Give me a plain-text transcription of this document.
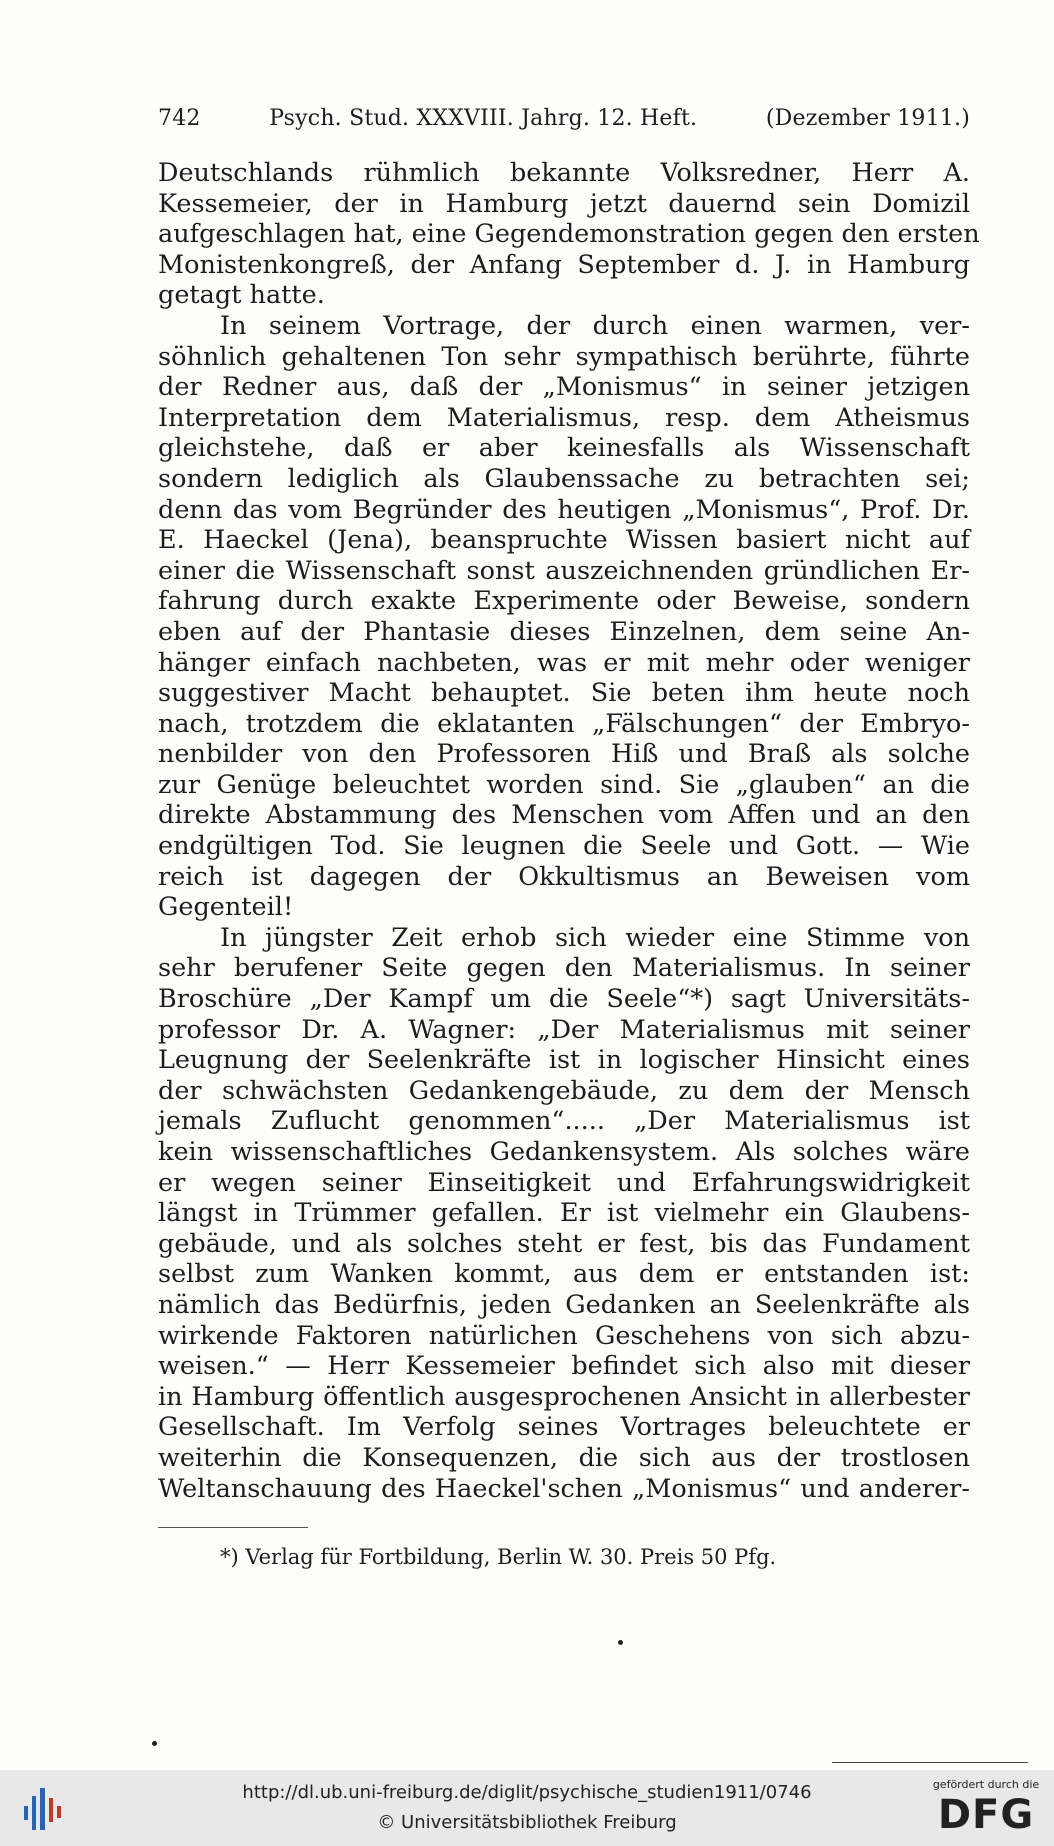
742	Psych. Stud. XXXVIII. Jahrg. 12. Heft.	(Dezember 1911.)
Deutschlands rühmlich bekannte Volksredner, Herr A.
Kessemeier, der in Hamburg jetzt dauernd sein Domizil
aufgeschlagen hat, eine Gegendemonstration gegen den ersten
Monistenkongreß, der Anfang September d. J. in Hamburg
getagt hatte.
In seinem Vortrage, der durch einen warmen, ver-
söhnlich gehaltenen Ton sehr sympathisch berührte, führte
der Redner aus, daß der „Monismus“ in seiner jetzigen
Interpretation dem Materialismus, resp. dem Atheismus
gleichstehe, daß er aber keinesfalls als Wissenschaft
sondern lediglich als Glaubenssache zu betrachten sei;
denn das vom Begründer des heutigen „Monismus“, Prof. Dr.
E. Haeckel (Jena), beanspruchte Wissen basiert nicht auf
einer die Wissenschaft sonst auszeichnenden gründlichen Er-
fahrung durch exakte Experimente oder Beweise, sondern
eben auf der Phantasie dieses Einzelnen, dem seine An-
hänger einfach nachbeten, was er mit mehr oder weniger
suggestiver Macht behauptet. Sie beten ihm heute noch
nach, trotzdem die eklatanten „Fälschungen“ der Embryo-
nenbilder von den Professoren Hiß und Braß als solche
zur Genüge beleuchtet worden sind. Sie „glauben“ an die
direkte Abstammung des Menschen vom Affen und an den
endgültigen Tod. Sie leugnen die Seele und Gott. — Wie
reich ist dagegen der Okkultismus an Beweisen vom
Gegenteil!
In jüngster Zeit erhob sich wieder eine Stimme von
sehr berufener Seite gegen den Materialismus. In seiner
Broschüre „Der Kampf um die Seele“*) sagt Universitäts-
professor Dr. A. Wagner: „Der Materialismus mit seiner
Leugnung der Seelenkräfte ist in logischer Hinsicht eines
der schwächsten Gedankengebäude, zu dem der Mensch
jemals Zuflucht genommen“..... „Der Materialismus ist
kein wissenschaftliches Gedankensystem. Als solches wäre
er wegen seiner Einseitigkeit und Erfahrungswidrigkeit
längst in Trümmer gefallen. Er ist vielmehr ein Glaubens-
gebäude, und als solches steht er fest, bis das Fundament
selbst zum Wanken kommt, aus dem er entstanden ist:
nämlich das Bedürfnis, jeden Gedanken an Seelenkräfte als
wirkende Faktoren natürlichen Geschehens von sich abzu-
weisen.“ — Herr Kessemeier befindet sich also mit dieser
in Hamburg öffentlich ausgesprochenen Ansicht in allerbester
Gesellschaft. Im Verfolg seines Vortrages beleuchtete er
weiterhin die Konsequenzen, die sich aus der trostlosen
Weltanschauung des Haeckel'schen „Monismus“ und anderer-
*) Verlag für Fortbildung, Berlin W. 30. Preis 50 Pfg.
http://dl.ub.uni-freiburg.de/diglit/psychische_studien1911/0746
© Universitätsbibliothek Freiburg
gefördert durch die
DFG
